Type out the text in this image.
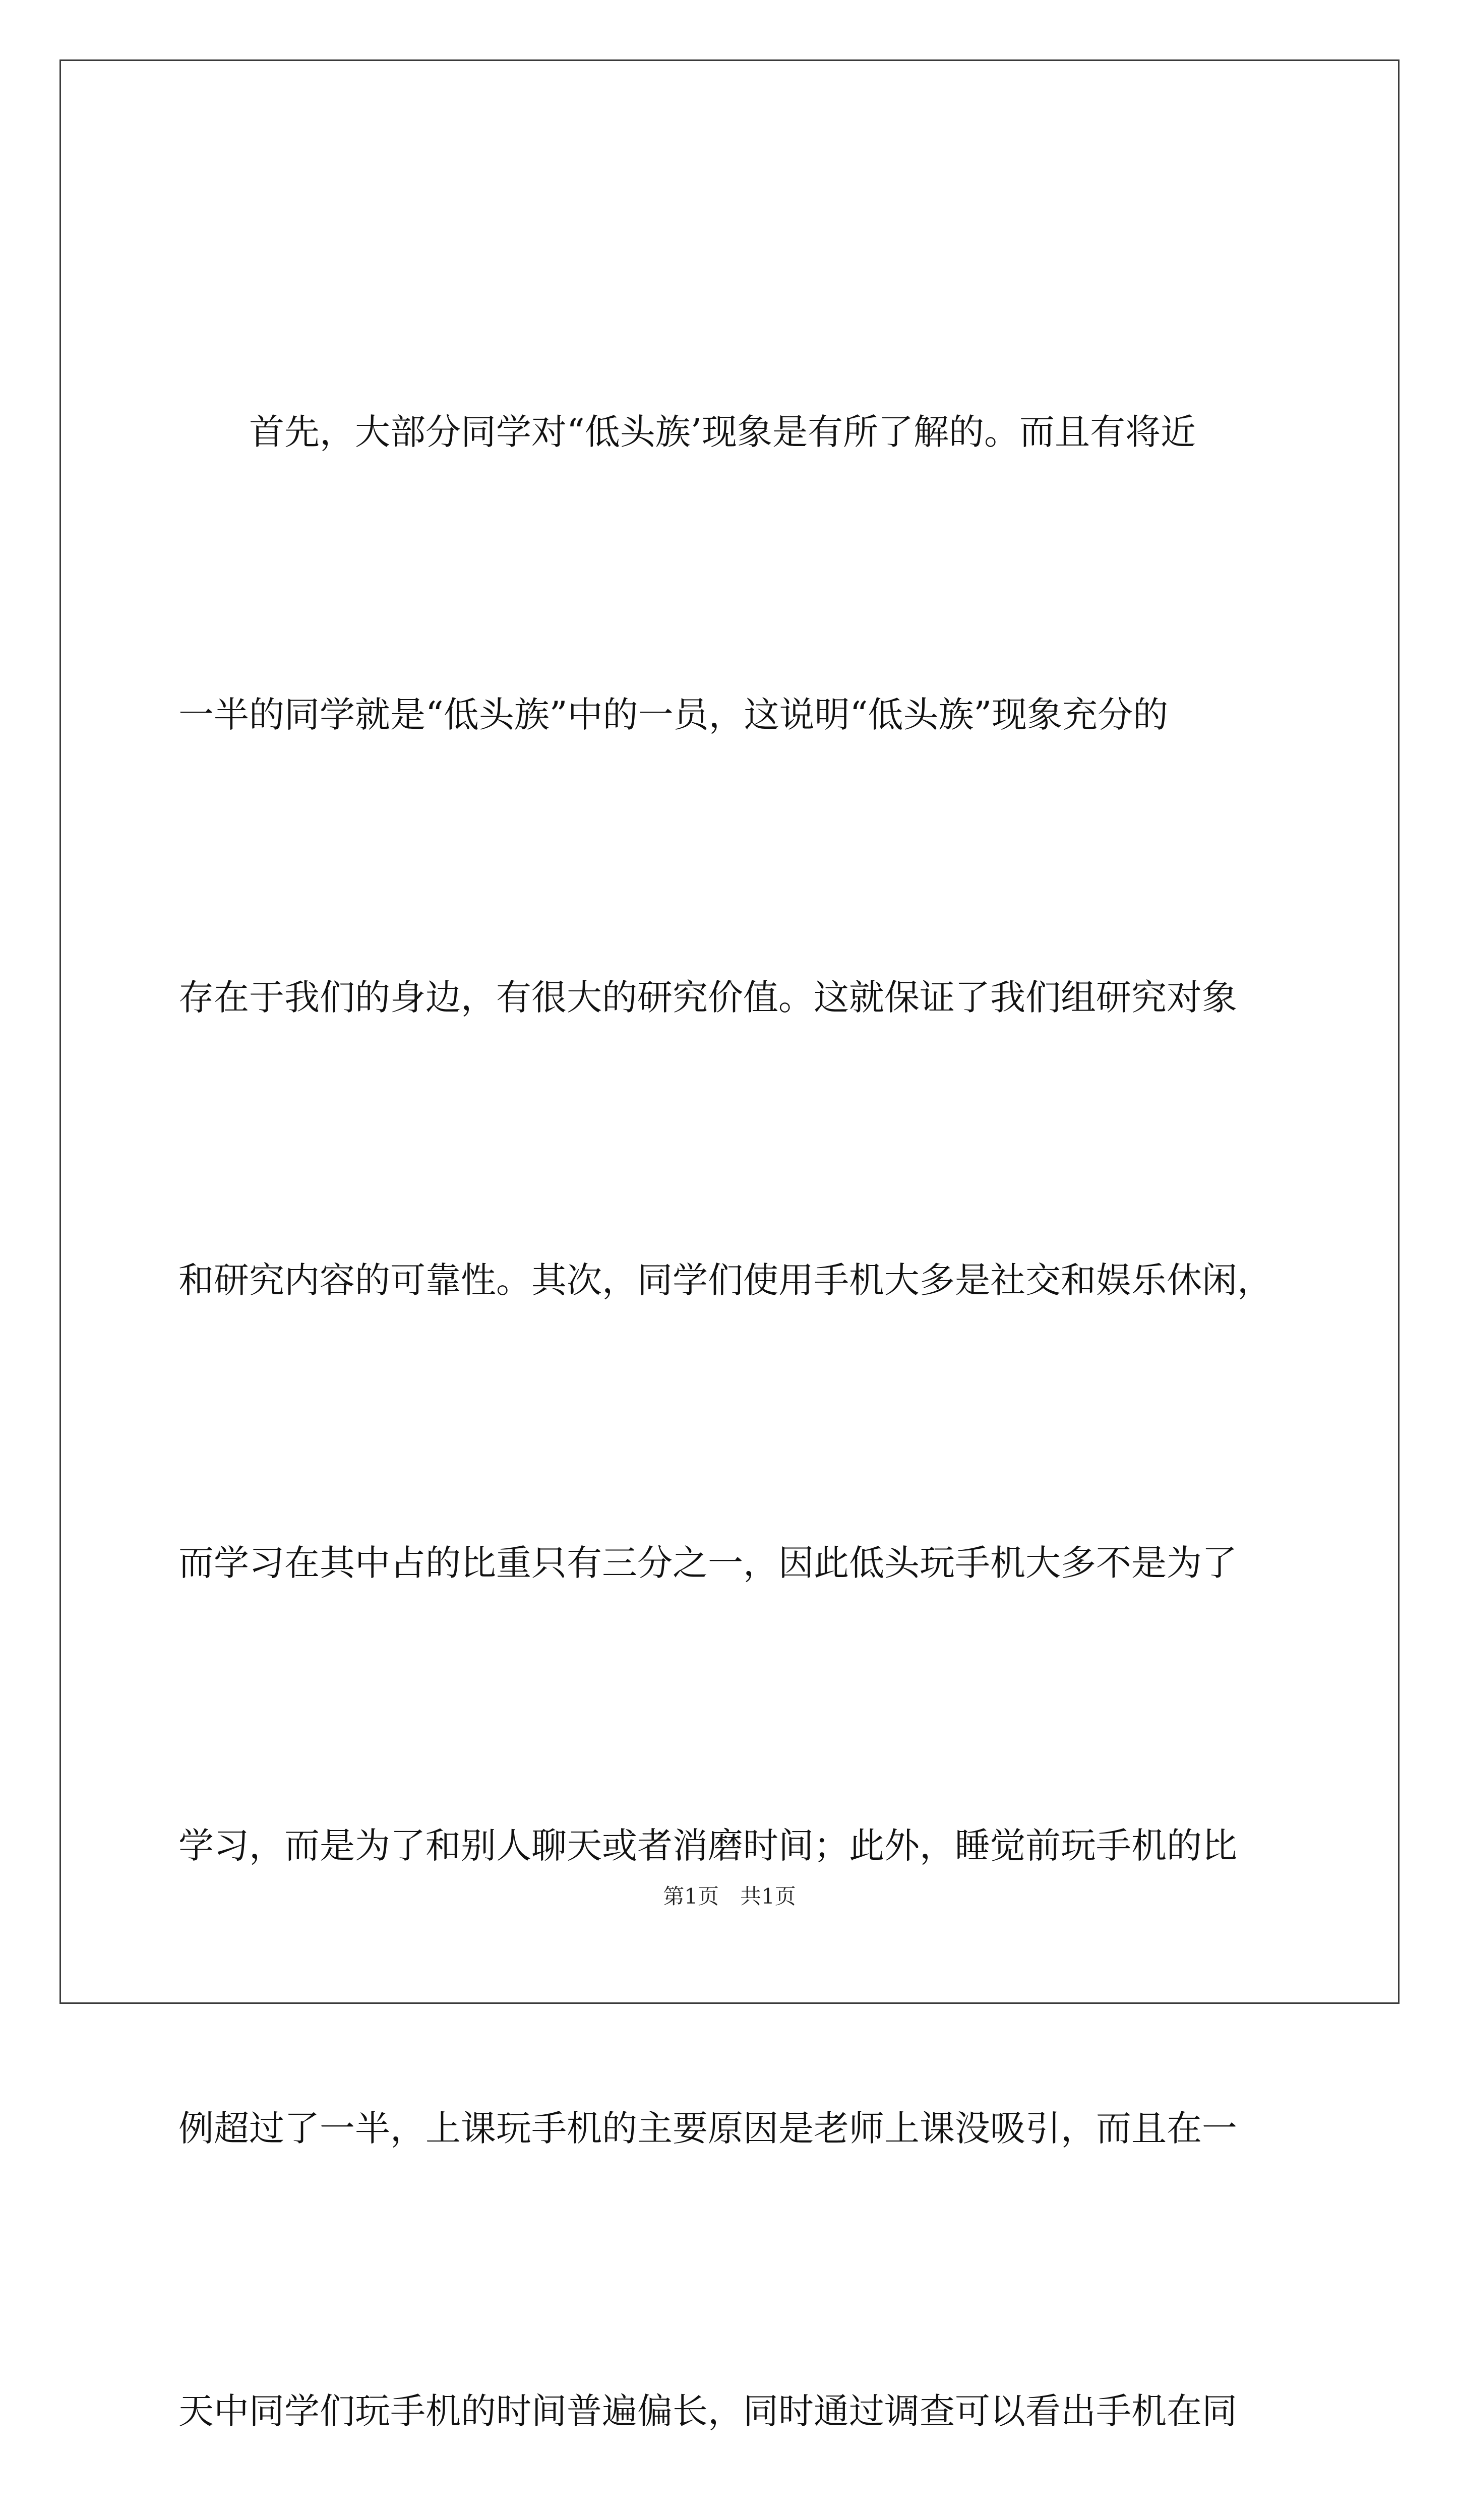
　　首先，大部分同学对“低头族’现象是有所了解的。而且有将近

一半的同学就是“低头族”中的一员，这说明“低头族”现象充分的

存在于我们的身边，有很大的研究价值。这就保证了我们组研究对象

和研究内容的可靠性。其次，同学们使用手机大多是社交和娱乐休闲，

而学习在其中占的比重只有三分之一，因此低头玩手机大多不是为了

学习，而是为了和别人聊天或者消磨时间；此外，睡觉前玩手机的比

例超过了一半，上课玩手机的主要原因是老师上课没吸引，而且在一

天中同学们玩手机的时间普遍偏长，同时通过调查可以看出手机在同

第1页　共1页
